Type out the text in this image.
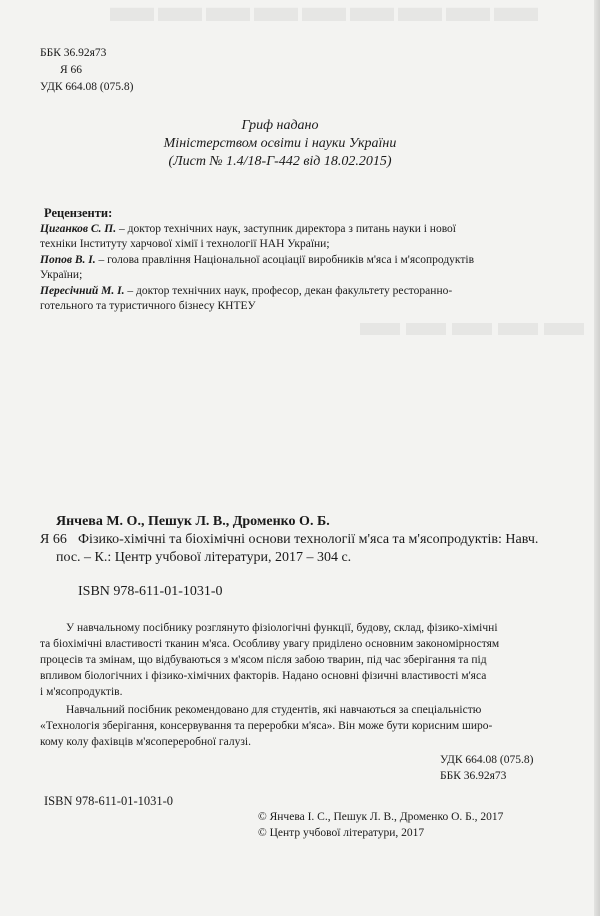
▬▬▬▬▬▬▬▬▬
▬▬▬▬▬
ББК 36.92я73
Я 66
УДК 664.08 (075.8)
Гриф надано
Міністерством освіти і науки України
(Лист № 1.4/18-Г-442 від 18.02.2015)
Рецензенти:
Циганков С. П. – доктор технічних наук, заступник директора з питань науки і нової
техніки Інституту харчової хімії і технології НАН України;
Попов В. І. – голова правління Національної асоціації виробників м'яса і м'ясопродуктів
України;
Пересічний М. І. – доктор технічних наук, професор, декан факультету ресторанно-
готельного та туристичного бізнесу КНТЕУ
Янчева М. О., Пешук Л. В., Дроменко О. Б.
Я 66 Фізико-хімічні та біохімічні основи технології м'яса та м'ясопродуктів: Навч.
пос. – К.: Центр учбової літератури, 2017 – 304 с.
ISBN 978-611-01-1031-0
У навчальному посібнику розглянуто фізіологічні функції, будову, склад, фізико-хімічні
та біохімічні властивості тканин м'яса. Особливу увагу приділено основним закономірностям
процесів та змінам, що відбуваються з м'ясом після забою тварин, під час зберігання та під
впливом біологічних і фізико-хімічних факторів. Надано основні фізичні властивості м'яса
і м'ясопродуктів.
Навчальний посібник рекомендовано для студентів, які навчаються за спеціальністю
«Технологія зберігання, консервування та переробки м'яса». Він може бути корисним широ-
кому колу фахівців м'ясопереробної галузі.
УДК 664.08 (075.8)
ББК 36.92я73
ISBN 978-611-01-1031-0
© Янчева І. С., Пешук Л. В., Дроменко О. Б., 2017
© Центр учбової літератури, 2017
